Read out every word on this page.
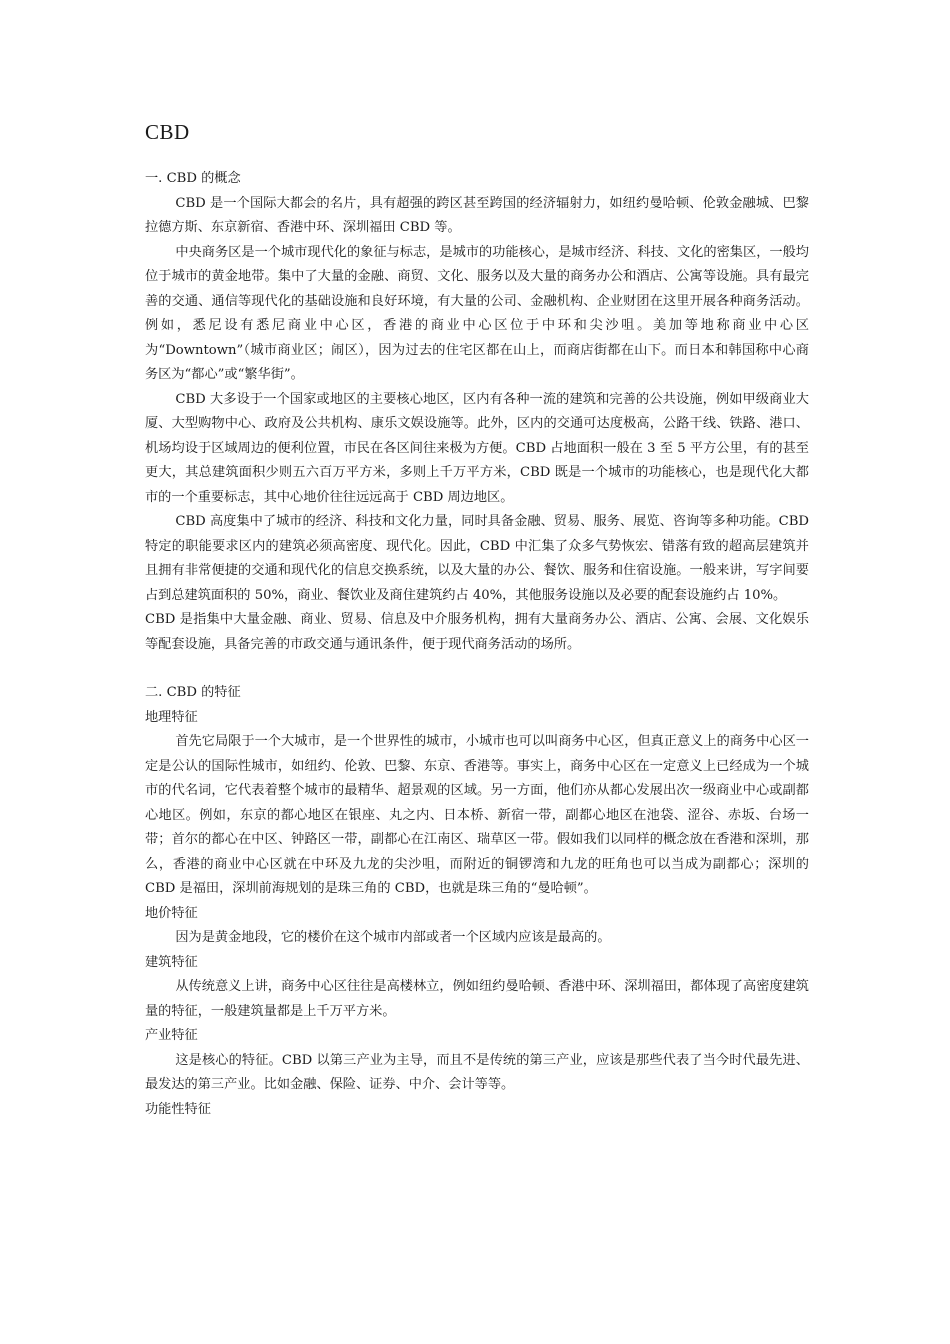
CBD

一. CBD 的概念

CBD 是一个国际大都会的名片，具有超强的跨区甚至跨国的经济辐射力，如纽约曼哈顿、伦敦金融城、巴黎拉德方斯、东京新宿、香港中环、深圳福田 CBD 等。

中央商务区是一个城市现代化的象征与标志，是城市的功能核心，是城市经济、科技、文化的密集区，一般均位于城市的黄金地带。集中了大量的金融、商贸、文化、服务以及大量的商务办公和酒店、公寓等设施。具有最完善的交通、通信等现代化的基础设施和良好环境，有大量的公司、金融机构、企业财团在这里开展各种商务活动。例如，悉尼设有悉尼商业中心区，香港的商业中心区位于中环和尖沙咀。美加等地称商业中心区为“Downtown”（城市商业区；闹区），因为过去的住宅区都在山上，而商店街都在山下。而日本和韩国称中心商务区为“都心”或“繁华街”。

CBD 大多设于一个国家或地区的主要核心地区，区内有各种一流的建筑和完善的公共设施，例如甲级商业大厦、大型购物中心、政府及公共机构、康乐文娱设施等。此外，区内的交通可达度极高，公路干线、铁路、港口、机场均设于区域周边的便利位置，市民在各区间往来极为方便。CBD 占地面积一般在 3 至 5 平方公里，有的甚至更大，其总建筑面积少则五六百万平方米，多则上千万平方米，CBD 既是一个城市的功能核心，也是现代化大都市的一个重要标志，其中心地价往往远远高于 CBD 周边地区。

CBD 高度集中了城市的经济、科技和文化力量，同时具备金融、贸易、服务、展览、咨询等多种功能。CBD 特定的职能要求区内的建筑必须高密度、现代化。因此，CBD 中汇集了众多气势恢宏、错落有致的超高层建筑并且拥有非常便捷的交通和现代化的信息交换系统，以及大量的办公、餐饮、服务和住宿设施。一般来讲，写字间要占到总建筑面积的 50%，商业、餐饮业及商住建筑约占 40%，其他服务设施以及必要的配套设施约占 10%。

CBD 是指集中大量金融、商业、贸易、信息及中介服务机构，拥有大量商务办公、酒店、公寓、会展、文化娱乐等配套设施，具备完善的市政交通与通讯条件，便于现代商务活动的场所。

二. CBD 的特征

地理特征

首先它局限于一个大城市，是一个世界性的城市，小城市也可以叫商务中心区，但真正意义上的商务中心区一定是公认的国际性城市，如纽约、伦敦、巴黎、东京、香港等。事实上，商务中心区在一定意义上已经成为一个城市的代名词，它代表着整个城市的最精华、超景观的区域。另一方面，他们亦从都心发展出次一级商业中心或副都心地区。例如，东京的都心地区在银座、丸之内、日本桥、新宿一带，副都心地区在池袋、涩谷、赤坂、台场一带；首尔的都心在中区、钟路区一带，副都心在江南区、瑞草区一带。假如我们以同样的概念放在香港和深圳，那么，香港的商业中心区就在中环及九龙的尖沙咀，而附近的铜锣湾和九龙的旺角也可以当成为副都心；深圳的 CBD 是福田，深圳前海规划的是珠三角的 CBD，也就是珠三角的“曼哈顿”。

地价特征

因为是黄金地段，它的楼价在这个城市内部或者一个区域内应该是最高的。

建筑特征

从传统意义上讲，商务中心区往往是高楼林立，例如纽约曼哈顿、香港中环、深圳福田，都体现了高密度建筑量的特征，一般建筑量都是上千万平方米。

产业特征

这是核心的特征。CBD 以第三产业为主导，而且不是传统的第三产业，应该是那些代表了当今时代最先进、最发达的第三产业。比如金融、保险、证券、中介、会计等等。

功能性特征
